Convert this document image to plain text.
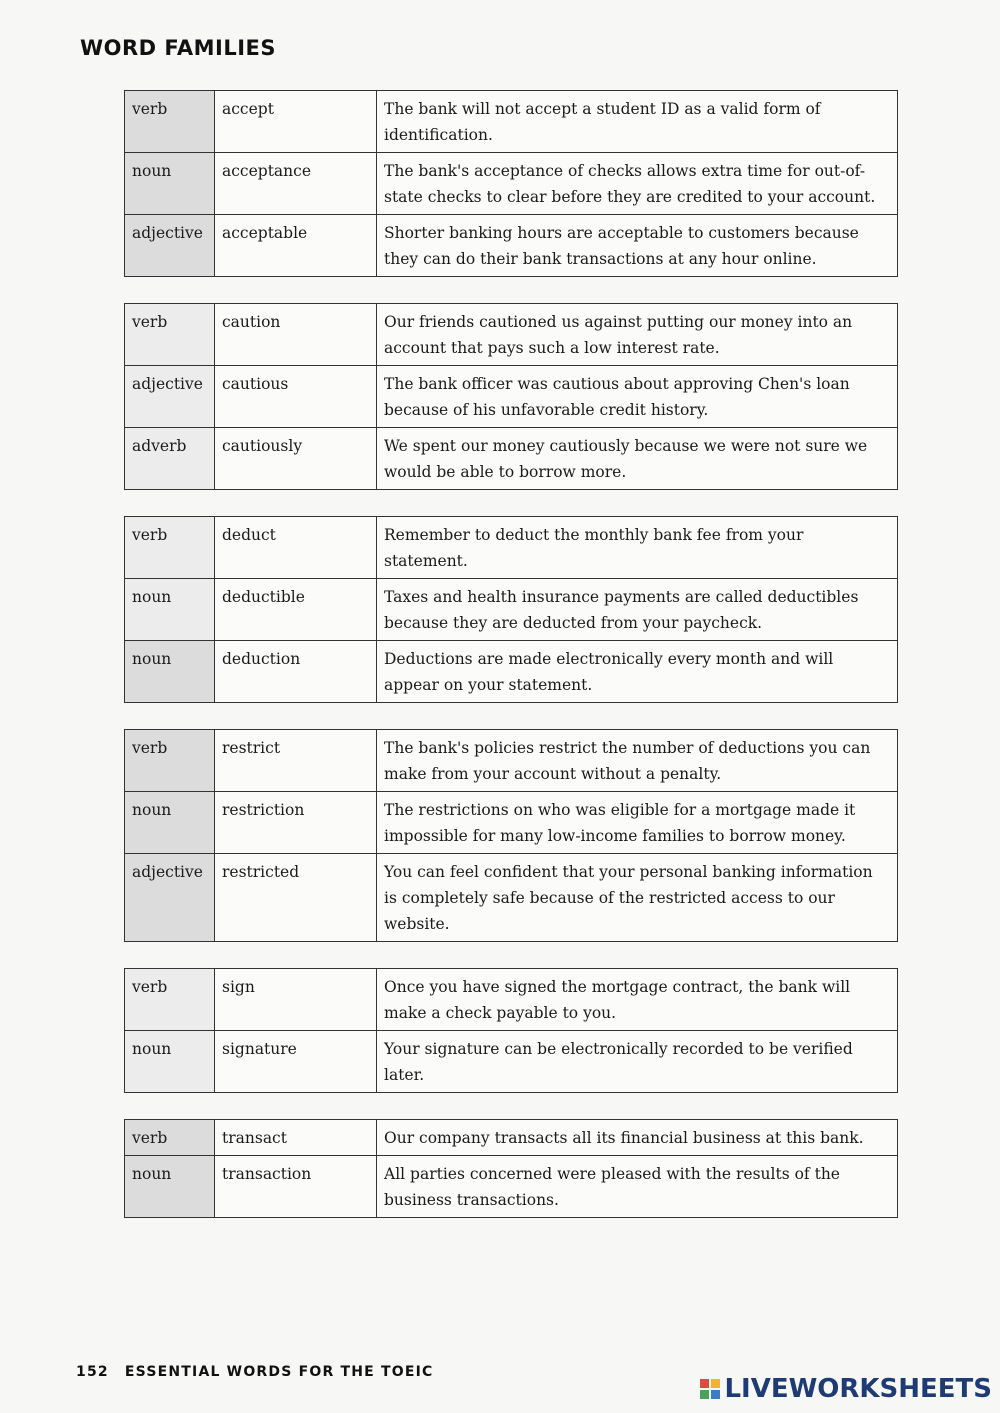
WORD FAMILIES
verb	accept	The bank will not accept a student ID as a valid form of identification.
noun	acceptance	The bank's acceptance of checks allows extra time for out-of-state checks to clear before they are credited to your account.
adjective	acceptable	Shorter banking hours are acceptable to customers because they can do their bank transactions at any hour online.
verb	caution	Our friends cautioned us against putting our money into an account that pays such a low interest rate.
adjective	cautious	The bank officer was cautious about approving Chen's loan because of his unfavorable credit history.
adverb	cautiously	We spent our money cautiously because we were not sure we would be able to borrow more.
verb	deduct	Remember to deduct the monthly bank fee from your statement.
noun	deductible	Taxes and health insurance payments are called deductibles because they are deducted from your paycheck.
noun	deduction	Deductions are made electronically every month and will appear on your statement.
verb	restrict	The bank's policies restrict the number of deductions you can make from your account without a penalty.
noun	restriction	The restrictions on who was eligible for a mortgage made it impossible for many low-income families to borrow money.
adjective	restricted	You can feel confident that your personal banking information is completely safe because of the restricted access to our website.
verb	sign	Once you have signed the mortgage contract, the bank will make a check payable to you.
noun	signature	Your signature can be electronically recorded to be verified later.
verb	transact	Our company transacts all its financial business at this bank.
noun	transaction	All parties concerned were pleased with the results of the business transactions.
152 ESSENTIAL WORDS FOR THE TOEIC
LIVEWORKSHEETS
